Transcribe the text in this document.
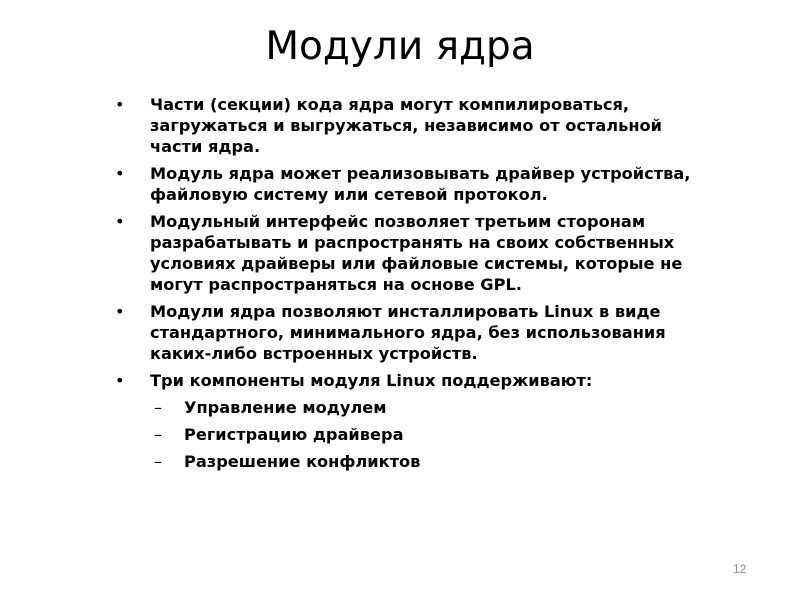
Модули ядра
•	Части (секции) кода ядра могут компилироваться, загружаться и выгружаться, независимо от остальной части ядра.
•	Модуль ядра может реализовывать драйвер устройства, файловую систему или сетевой протокол.
•	Модульный интерфейс позволяет третьим сторонам разрабатывать и распространять на своих собственных условиях драйверы или файловые системы, которые не могут распространяться на основе GPL.
•	Модули ядра позволяют инсталлировать Linux в виде стандартного, минимального ядра, без использования каких-либо встроенных устройств.
•	Три компоненты модуля Linux поддерживают:
–	Управление модулем
–	Регистрацию драйвера
–	Разрешение конфликтов
12
